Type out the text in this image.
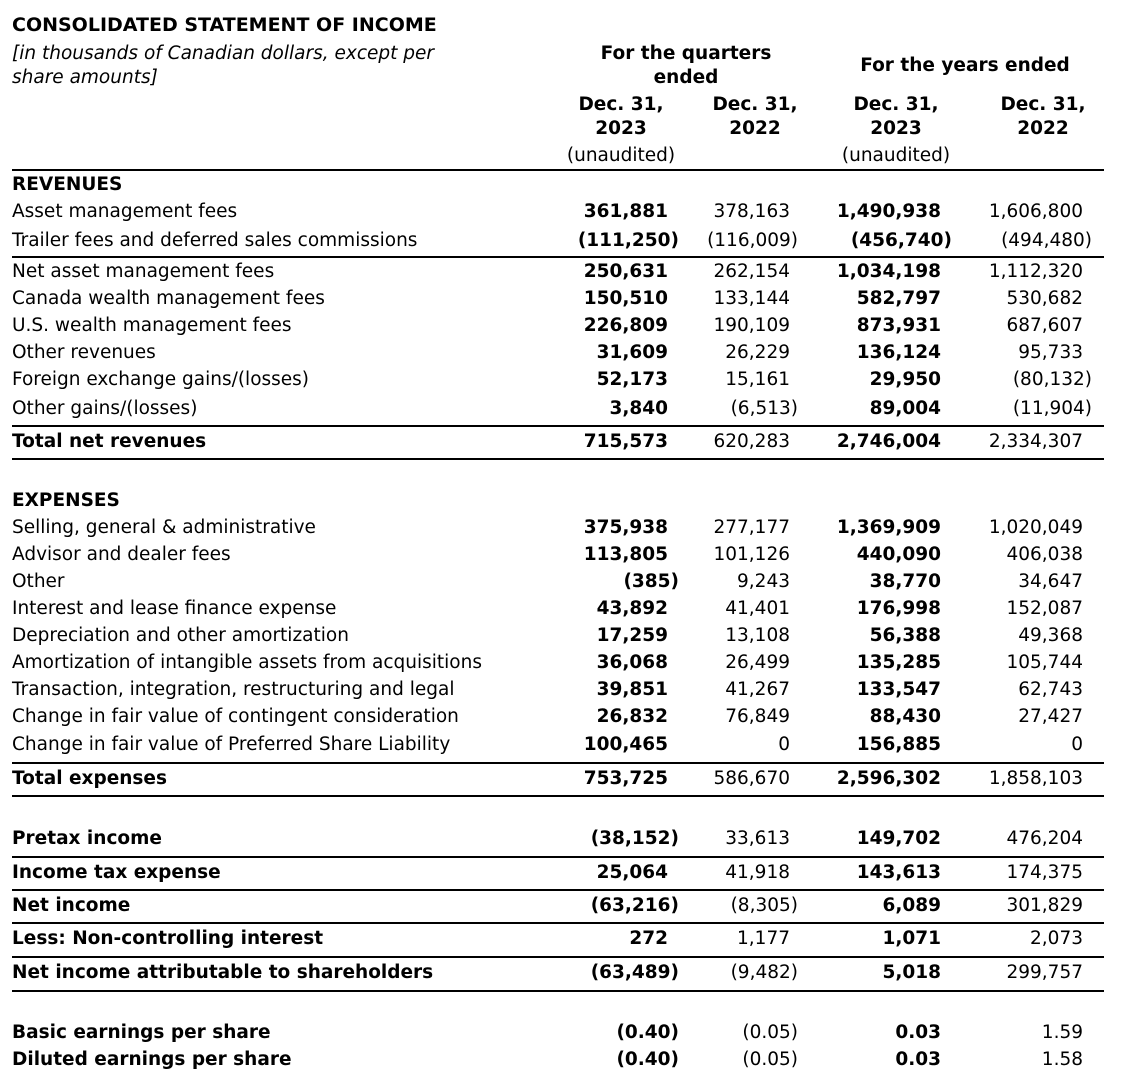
CONSOLIDATED STATEMENT OF INCOME
[in thousands of Canadian dollars, except per share amounts]
For the quarters ended
For the years ended
Dec. 31,
2023
(unaudited)
Dec. 31,
2022
Dec. 31,
2023
(unaudited)
Dec. 31,
2022
REVENUES
Asset management fees	361,881 378,163	1,490,938	1,606,800
Trailer fees and deferred sales commissions	(111,250) (116,009)	(456,740)	(494,480)
Net asset management fees	250,631 262,154	1,034,198	1,112,320
Canada wealth management fees	150,510 133,144	582,797	530,682
U.S. wealth management fees	226,809 190,109	873,931	687,607
Other revenues	31,609	26,229	136,124	95,733
Foreign exchange gains/(losses)	52,173	15,161	29,950	(80,132)
Other gains/(losses)	3,840	(6,513)	89,004	(11,904)
Total net revenues	715,573 620,283	2,746,004	2,334,307
EXPENSES
Selling, general & administrative	375,938 277,177	1,369,909	1,020,049
Advisor and dealer fees	113,805 101,126	440,090	406,038
Other	(385)	9,243	38,770	34,647
Interest and lease finance expense	43,892	41,401	176,998	152,087
Depreciation and other amortization	17,259	13,108	56,388	49,368
Amortization of intangible assets from acquisitions	36,068	26,499	135,285	105,744
Transaction, integration, restructuring and legal	39,851	41,267	133,547	62,743
Change in fair value of contingent consideration	26,832	76,849	88,430	27,427
Change in fair value of Preferred Share Liability	100,465	0	156,885	0
Total expenses	753,725 586,670	2,596,302	1,858,103
Pretax income	(38,152)	33,613	149,702	476,204
Income tax expense	25,064	41,918	143,613	174,375
Net income	(63,216)	(8,305)	6,089	301,829
Less: Non-controlling interest	272	1,177	1,071	2,073
Net income attributable to shareholders	(63,489)	(9,482)	5,018	299,757
Basic earnings per share	(0.40)	(0.05)	0.03	1.59
Diluted earnings per share	(0.40)	(0.05)	0.03	1.58
